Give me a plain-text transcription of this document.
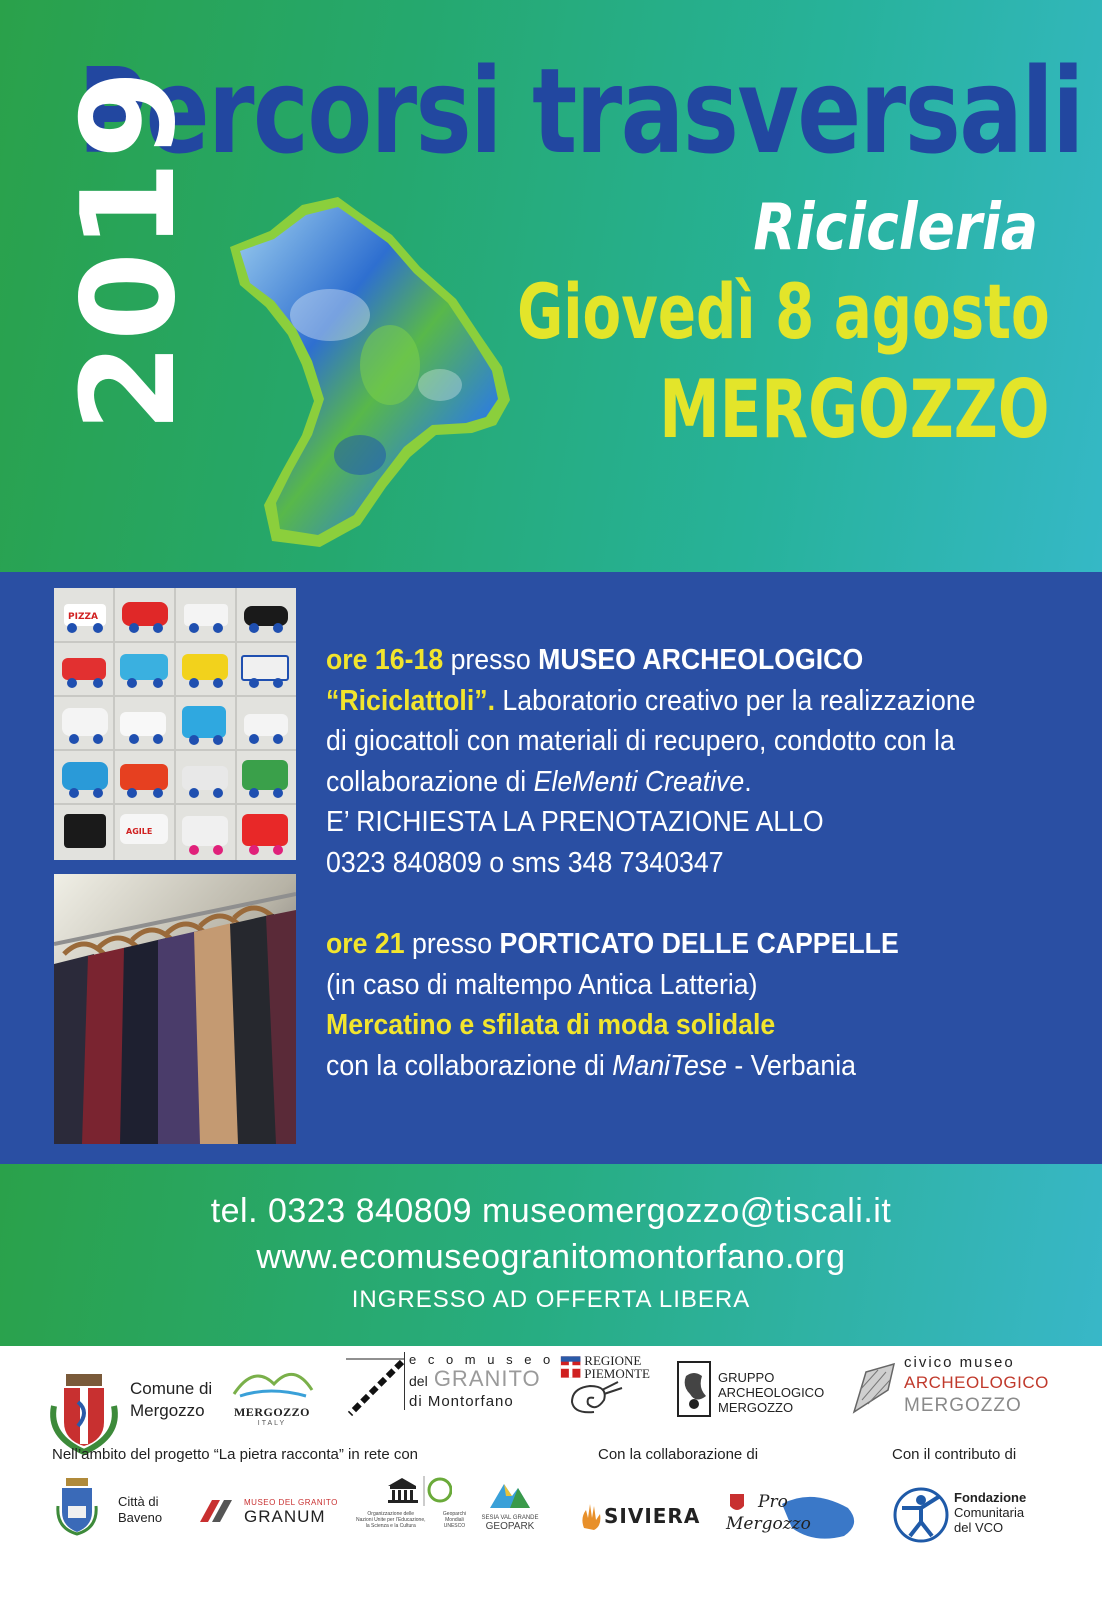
Percorsi trasversali
2019	Ricicleria
Giovedì 8 agosto
MERGOZZO
PIZZA
AGILE
ore 16-18 presso MUSEO ARCHEOLOGICO
“Riciclattoli”. Laboratorio creativo per la realizzazione
di giocattoli con materiali di recupero, condotto con la
collaborazione di EleMenti Creative.
E’ RICHIESTA LA PRENOTAZIONE ALLO
0323 840809 o sms 348 7340347
ore 21 presso PORTICATO DELLE CAPPELLE
(in caso di maltempo Antica Latteria)
Mercatino e sfilata di moda solidale
con la collaborazione di ManiTese - Verbania
tel. 0323 840809 museomergozzo@tiscali.it
www.ecomuseogranitomontorfano.org
INGRESSO AD OFFERTA LIBERA
Comune di
Mergozzo	MERGOZZO
ITALY
e c o m u s e o
del GRANITO
di Montorfano
REGIONE
PIEMONTE	GRUPPO
ARCHEOLOGICO
MERGOZZO
civico museo
ARCHEOLOGICO
MERGOZZO
Nell’ambito del progetto “La pietra racconta” in rete con	Con la collaborazione di	Con il contributo di
Città di
Baveno
MUSEO DEL GRANITO
GRANUM	Organizzazione delle
Nazioni Unite per l’Educazione,
la Scienza e la Cultura
Geoparchi
Mondiali
UNESCO
SESIA VAL GRANDE
GEOPARK	SIVIERA
Pro
Mergozzo
Fondazione
Comunitaria
del VCO
